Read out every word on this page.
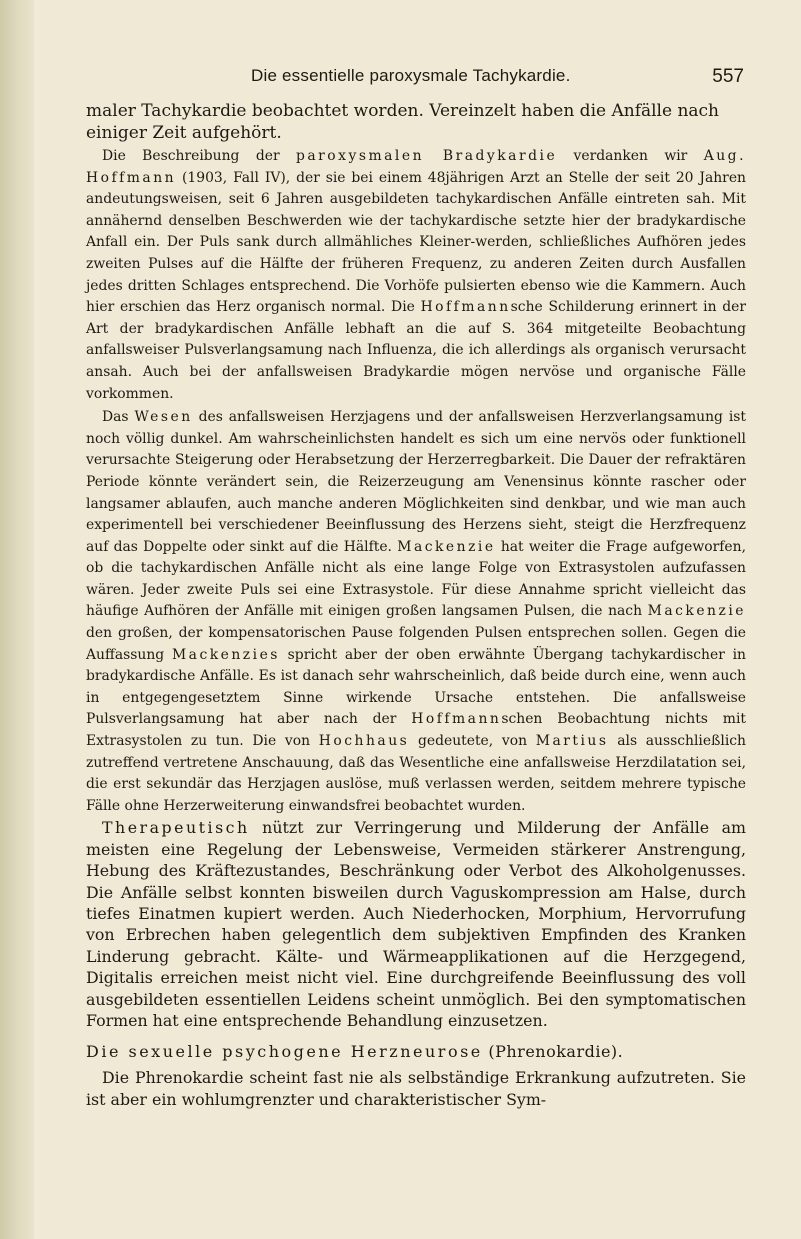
Die essentielle paroxysmale Tachykardie.	557

maler Tachykardie beobachtet worden. Vereinzelt haben die Anfälle nach

einiger Zeit aufgehört.

Die Beschreibung der paroxysmalen Bradykardie verdanken wir Aug. Hoffmann (1903, Fall IV), der sie bei einem 48jährigen Arzt an Stelle der seit 20 Jahren andeutungsweisen, seit 6 Jahren ausgebildeten tachykardischen Anfälle eintreten sah. Mit annähernd denselben Beschwerden wie der tachykardische setzte hier der bradykardische Anfall ein. Der Puls sank durch allmähliches Kleiner-werden, schließliches Aufhören jedes zweiten Pulses auf die Hälfte der früheren Frequenz, zu anderen Zeiten durch Ausfallen jedes dritten Schlages entsprechend. Die Vorhöfe pulsierten ebenso wie die Kammern. Auch hier erschien das Herz organisch normal. Die Hoffmannsche Schilderung erinnert in der Art der bradykardischen Anfälle lebhaft an die auf S. 364 mitgeteilte Beobachtung anfallsweiser Pulsverlangsamung nach Influenza, die ich allerdings als organisch verursacht ansah. Auch bei der anfallsweisen Bradykardie mögen nervöse und organische Fälle vorkommen.

Das Wesen des anfallsweisen Herzjagens und der anfallsweisen Herzverlangsamung ist noch völlig dunkel. Am wahrscheinlichsten handelt es sich um eine nervös oder funktionell verursachte Steigerung oder Herabsetzung der Herzerregbarkeit. Die Dauer der refraktären Periode könnte verändert sein, die Reizerzeugung am Venensinus könnte rascher oder langsamer ablaufen, auch manche anderen Möglichkeiten sind denkbar, und wie man auch experimentell bei verschiedener Beeinflussung des Herzens sieht, steigt die Herzfrequenz auf das Doppelte oder sinkt auf die Hälfte. Mackenzie hat weiter die Frage aufgeworfen, ob die tachykardischen Anfälle nicht als eine lange Folge von Extrasystolen aufzufassen wären. Jeder zweite Puls sei eine Extrasystole. Für diese Annahme spricht vielleicht das häufige Aufhören der Anfälle mit einigen großen langsamen Pulsen, die nach Mackenzie den großen, der kompensatorischen Pause folgenden Pulsen entsprechen sollen. Gegen die Auffassung Mackenzies spricht aber der oben erwähnte Übergang tachykardischer in bradykardische Anfälle. Es ist danach sehr wahrscheinlich, daß beide durch eine, wenn auch in entgegengesetztem Sinne wirkende Ursache entstehen. Die anfallsweise Pulsverlangsamung hat aber nach der Hoffmannschen Beobachtung nichts mit Extrasystolen zu tun. Die von Hochhaus gedeutete, von Martius als ausschließlich zutreffend vertretene Anschauung, daß das Wesentliche eine anfallsweise Herzdilatation sei, die erst sekundär das Herzjagen auslöse, muß verlassen werden, seitdem mehrere typische Fälle ohne Herzerweiterung einwandsfrei beobachtet wurden.

Therapeutisch nützt zur Verringerung und Milderung der Anfälle am meisten eine Regelung der Lebensweise, Vermeiden stärkerer Anstrengung, Hebung des Kräftezustandes, Beschränkung oder Verbot des Alkoholgenusses. Die Anfälle selbst konnten bisweilen durch Vaguskompression am Halse, durch tiefes Einatmen kupiert werden. Auch Niederhocken, Morphium, Hervorrufung von Erbrechen haben gelegentlich dem subjektiven Empfinden des Kranken Linderung gebracht. Kälte- und Wärmeapplikationen auf die Herzgegend, Digitalis erreichen meist nicht viel. Eine durchgreifende Beeinflussung des voll ausgebildeten essentiellen Leidens scheint unmöglich. Bei den symptomatischen Formen hat eine entsprechende Behandlung einzusetzen.

Die sexuelle psychogene Herzneurose (Phrenokardie).

Die Phrenokardie scheint fast nie als selbständige Erkrankung aufzutreten. Sie ist aber ein wohlumgrenzter und charakteristischer Sym-
